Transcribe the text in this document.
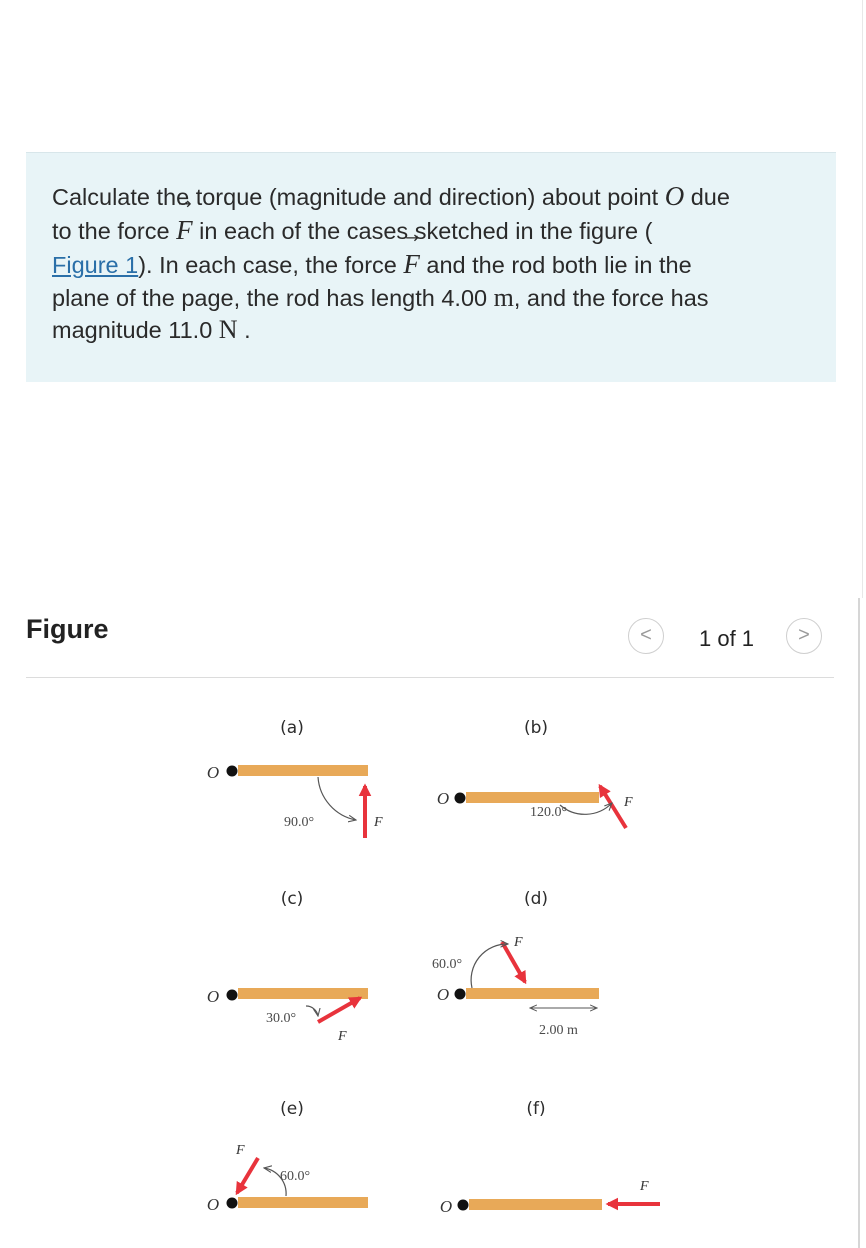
Calculate the torque (magnitude and direction) about point O due
to the force → F in each of the cases sketched in the figure (
Figure 1). In each case, the force → F and the rod both lie in the
plane of the page, the rod has length 4.00 m, and the force has
magnitude 11.0 N .

Figure	<	1 of 1	>
(a)
O
90.0°	F
(b)
O
120.0°
F
(c)
O
30.0°
F
(d)
O
60.0°
F
2.00 m
(e)
O
60.0°
F
(f)
O
F
